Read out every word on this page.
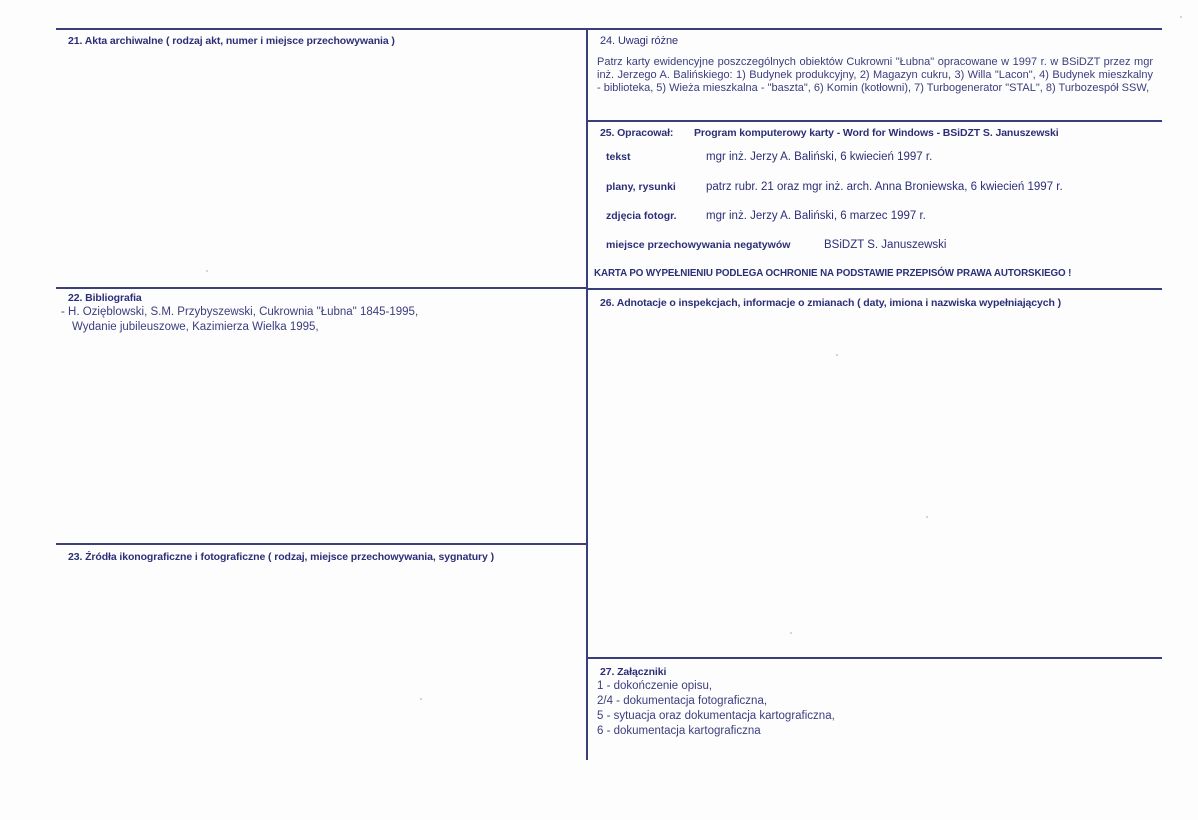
21. Akta archiwalne ( rodzaj akt, numer i miejsce przechowywania )
22. Bibliografia
- H. Ozięblowski, S.M. Przybyszewski, Cukrownia "Łubna" 1845-1995,
Wydanie jubileuszowe, Kazimierza Wielka 1995,
23. Źródła ikonograficzne i fotograficzne ( rodzaj, miejsce przechowywania, sygnatury )
24. Uwagi różne
Patrz karty ewidencyjne poszczególnych obiektów Cukrowni "Łubna" opracowane w 1997 r. w BSiDZT przez mgr inż. Jerzego A. Balińskiego: 1) Budynek produkcyjny, 2) Magazyn cukru, 3) Willa "Lacon", 4) Budynek mieszkalny - biblioteka, 5) Wieża mieszkalna - "baszta", 6) Komin (kotłowni), 7) Turbogenerator "STAL", 8) Turbozespół SSW,
25. Opracował: Program komputerowy karty - Word for Windows - BSiDZT S. Januszewski
tekst	mgr inż. Jerzy A. Baliński, 6 kwiecień 1997 r.
plany, rysunki	patrz rubr. 21 oraz mgr inż. arch. Anna Broniewska, 6 kwiecień 1997 r.
zdjęcia fotogr.	mgr inż. Jerzy A. Baliński, 6 marzec 1997 r.
miejsce przechowywania negatywów	BSiDZT S. Januszewski
KARTA PO WYPEŁNIENIU PODLEGA OCHRONIE NA PODSTAWIE PRZEPISÓW PRAWA AUTORSKIEGO !
26. Adnotacje o inspekcjach, informacje o zmianach ( daty, imiona i nazwiska wypełniających )
27. Załączniki
1 - dokończenie opisu,
2/4 - dokumentacja fotograficzna,
5 - sytuacja oraz dokumentacja kartograficzna,
6 - dokumentacja kartograficzna
